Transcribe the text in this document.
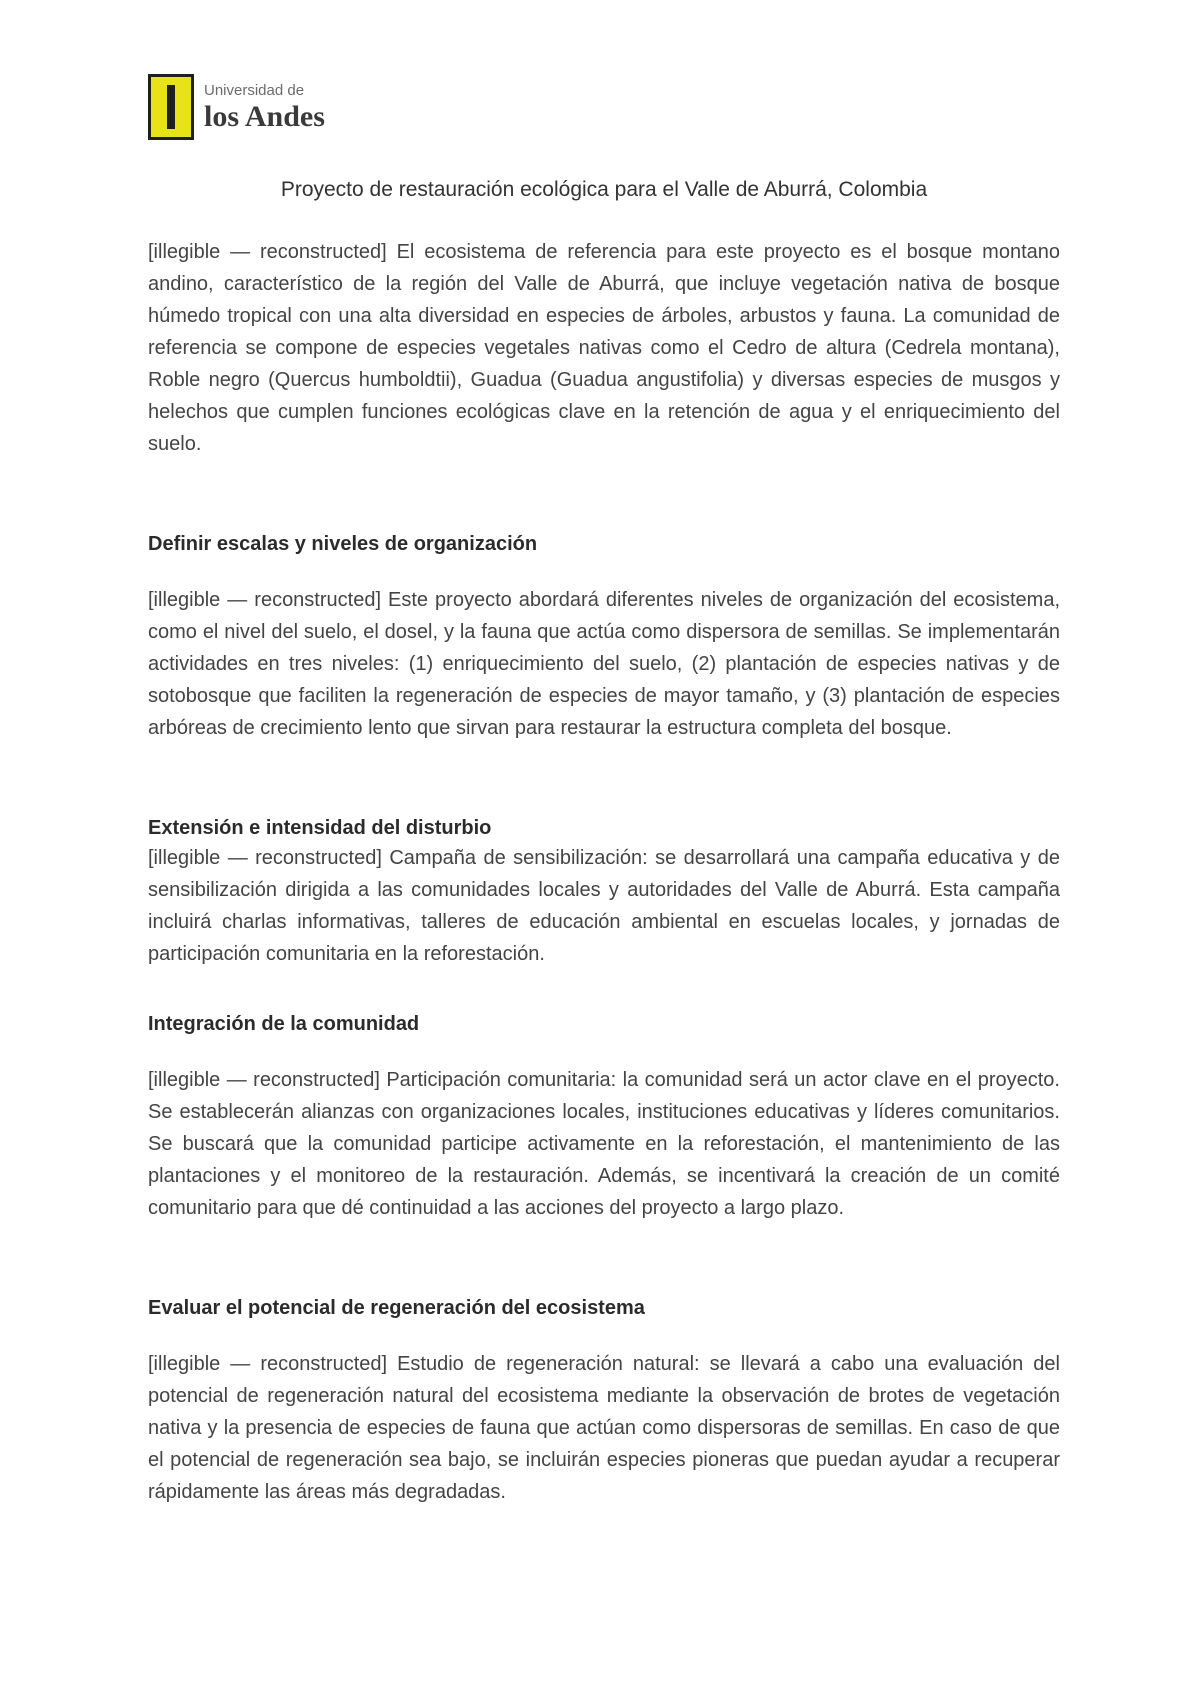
Universidad de
los Andes
Proyecto de restauración ecológica para el Valle de Aburrá, Colombia

[illegible — reconstructed] El ecosistema de referencia para este proyecto es el bosque montano andino, característico de la región del Valle de Aburrá, que incluye vegetación nativa de bosque húmedo tropical con una alta diversidad en especies de árboles, arbustos y fauna. La comunidad de referencia se compone de especies vegetales nativas como el Cedro de altura (Cedrela montana), Roble negro (Quercus humboldtii), Guadua (Guadua angustifolia) y diversas especies de musgos y helechos que cumplen funciones ecológicas clave en la retención de agua y el enriquecimiento del suelo.

Definir escalas y niveles de organización

[illegible — reconstructed] Este proyecto abordará diferentes niveles de organización del ecosistema, como el nivel del suelo, el dosel, y la fauna que actúa como dispersora de semillas. Se implementarán actividades en tres niveles: (1) enriquecimiento del suelo, (2) plantación de especies nativas y de sotobosque que faciliten la regeneración de especies de mayor tamaño, y (3) plantación de especies arbóreas de crecimiento lento que sirvan para restaurar la estructura completa del bosque.

Extensión e intensidad del disturbio

[illegible — reconstructed] Campaña de sensibilización: se desarrollará una campaña educativa y de sensibilización dirigida a las comunidades locales y autoridades del Valle de Aburrá. Esta campaña incluirá charlas informativas, talleres de educación ambiental en escuelas locales, y jornadas de participación comunitaria en la reforestación.

Integración de la comunidad

[illegible — reconstructed] Participación comunitaria: la comunidad será un actor clave en el proyecto. Se establecerán alianzas con organizaciones locales, instituciones educativas y líderes comunitarios. Se buscará que la comunidad participe activamente en la reforestación, el mantenimiento de las plantaciones y el monitoreo de la restauración. Además, se incentivará la creación de un comité comunitario para que dé continuidad a las acciones del proyecto a largo plazo.

Evaluar el potencial de regeneración del ecosistema

[illegible — reconstructed] Estudio de regeneración natural: se llevará a cabo una evaluación del potencial de regeneración natural del ecosistema mediante la observación de brotes de vegetación nativa y la presencia de especies de fauna que actúan como dispersoras de semillas. En caso de que el potencial de regeneración sea bajo, se incluirán especies pioneras que puedan ayudar a recuperar rápidamente las áreas más degradadas.
